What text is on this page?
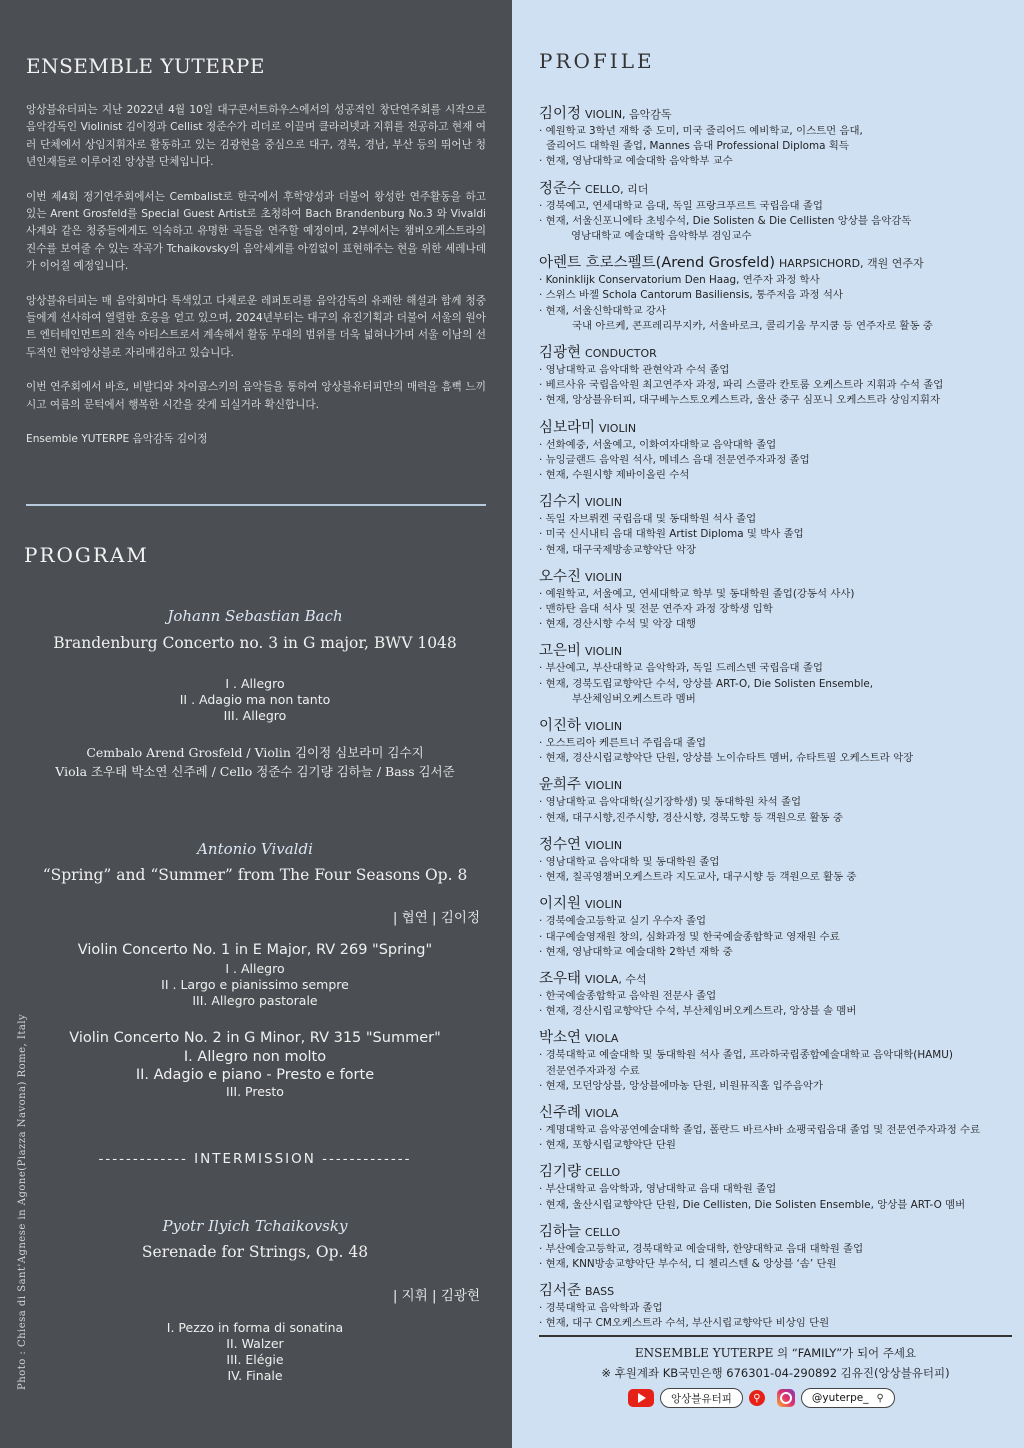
ENSEMBLE YUTERPE

앙상블유터피는 지난 2022년 4월 10일 대구콘서트하우스에서의 성공적인 창단연주회를 시작으로 음악감독인 Violinist 김이정과 Cellist 정준수가 리더로 이끌며 클라리넷과 지휘를 전공하고 현재 여러 단체에서 상임지휘자로 활동하고 있는 김광현을 중심으로 대구, 경북, 경남, 부산 등의 뛰어난 청년인재들로 이루어진 앙상블 단체입니다.

이번 제4회 정기연주회에서는 Cembalist로 한국에서 후학양성과 더불어 왕성한 연주활동을 하고 있는 Arent Grosfeld를 Special Guest Artist로 초청하여 Bach Brandenburg No.3 와 Vivaldi 사계와 같은 청중들에게도 익숙하고 유명한 곡들을 연주할 예정이며, 2부에서는 챔버오케스트라의 진수를 보여줄 수 있는 작곡가 Tchaikovsky의 음악세계를 아낌없이 표현해주는 현을 위한 세레나데가 이어질 예정입니다.

앙상블유터피는 매 음악회마다 특색있고 다채로운 레퍼토리를 음악감독의 유쾌한 해설과 함께 청중들에게 선사하여 열렬한 호응을 얻고 있으며, 2024년부터는 대구의 유진기획과 더불어 서울의 원아트 엔터테인먼트의 전속 아티스트로서 계속해서 활동 무대의 범위를 더욱 넓혀나가며 서울 이남의 선두적인 현악앙상블로 자리매김하고 있습니다.

이번 연주회에서 바흐, 비발디와 차이콥스키의 음악들을 통하여 앙상블유터피만의 매력을 흠뻑 느끼시고 여름의 문턱에서 행복한 시간을 갖게 되실거라 확신합니다.

Ensemble YUTERPE 음악감독 김이정

PROGRAM
Johann Sebastian Bach
Brandenburg Concerto no. 3 in G major, BWV 1048
I . Allegro
II . Adagio ma non tanto
III. Allegro
Cembalo Arend Grosfeld / Violin 김이정 심보라미 김수지
Viola 조우태 박소연 신주례 / Cello 정준수 김기량 김하늘 / Bass 김서준
Antonio Vivaldi
“Spring” and “Summer” from The Four Seasons Op. 8
| 협연 | 김이정
Violin Concerto No. 1 in E Major, RV 269 "Spring"
I . Allegro
II . Largo e pianissimo sempre
III. Allegro pastorale
Violin Concerto No. 2 in G Minor, RV 315 "Summer"
I. Allegro non molto
II. Adagio e piano - Presto e forte
III. Presto
------------- INTERMISSION -------------
Pyotr Ilyich Tchaikovsky
Serenade for Strings, Op. 48
| 지휘 | 김광현
I. Pezzo in forma di sonatina
II. Walzer
III. Elégie
IV. Finale
Photo : Chiesa di Sant'Agnese in Agone(Piazza Navona) Rome, Italy
PROFILE
김이정 VIOLIN, 음악감독
· 예원학교 3학년 재학 중 도미, 미국 줄리어드 예비학교, 이스트먼 음대,
줄리어드 대학원 졸업, Mannes 음대 Professional Diploma 획득
· 현재, 영남대학교 예술대학 음악학부 교수
정준수 CELLO, 리더
· 경북예고, 연세대학교 음대, 독일 프랑크푸르트 국립음대 졸업
· 현재, 서울신포니에타 초빙수석, Die Solisten & Die Cellisten 앙상블 음악감독
영남대학교 예술대학 음악학부 겸임교수
아렌트 흐로스펠트(Arend Grosfeld) HARPSICHORD, 객원 연주자
· Koninklijk Conservatorium Den Haag, 연주자 과정 학사
· 스위스 바젤 Schola Cantorum Basiliensis, 통주저음 과정 석사
· 현재, 서울신학대학교 강사
국내 아르케, 콘프레리무지카, 서울바로크, 콜리기움 무지쿰 등 연주자로 활동 중
김광현 CONDUCTOR
· 영남대학교 음악대학 관현악과 수석 졸업
· 베르사유 국립음악원 최고연주자 과정, 파리 스콜라 칸토룸 오케스트라 지휘과 수석 졸업
· 현재, 앙상블유터피, 대구베누스토오케스트라, 울산 중구 심포니 오케스트라 상임지휘자
심보라미 VIOLIN
· 선화예중, 서울예고, 이화여자대학교 음악대학 졸업
· 뉴잉글랜드 음악원 석사, 메네스 음대 전문연주자과정 졸업
· 현재, 수원시향 제바이올린 수석
김수지 VIOLIN
· 독일 자브뤼켄 국립음대 및 동대학원 석사 졸업
· 미국 신시내티 음대 대학원 Artist Diploma 및 박사 졸업
· 현재, 대구국제방송교향악단 악장
오수진 VIOLIN
· 예원학교, 서울예고, 연세대학교 학부 및 동대학원 졸업(강동석 사사)
· 맨하탄 음대 석사 및 전문 연주자 과정 장학생 입학
· 현재, 경산시향 수석 및 악장 대행
고은비 VIOLIN
· 부산예고, 부산대학교 음악학과, 독일 드레스덴 국립음대 졸업
· 현재, 경북도립교향악단 수석, 앙상블 ART-O, Die Solisten Ensemble,
부산체임버오케스트라 멤버
이진하 VIOLIN
· 오스트리아 케른트너 주립음대 졸업
· 현재, 경산시립교향악단 단원, 앙상블 노이슈타트 멤버, 슈타트필 오케스트라 악장
윤희주 VIOLIN
· 영남대학교 음악대학(실기장학생) 및 동대학원 차석 졸업
· 현재, 대구시향,진주시향, 경산시향, 경북도향 등 객원으로 활동 중
정수연 VIOLIN
· 영남대학교 음악대학 및 동대학원 졸업
· 현재, 칠곡영챔버오케스트라 지도교사, 대구시향 등 객원으로 활동 중
이지원 VIOLIN
· 경북예술고등학교 실기 우수자 졸업
· 대구예술영재원 창의, 심화과정 및 한국예술종합학교 영재원 수료
· 현재, 영남대학교 예술대학 2학년 재학 중
조우태 VIOLA, 수석
· 한국예술종합학교 음악원 전문사 졸업
· 현재, 경산시립교향악단 수석, 부산체임버오케스트라, 앙상블 솔 멤버
박소연 VIOLA
· 경북대학교 예술대학 및 동대학원 석사 졸업, 프라하국립종합예술대학교 음악대학(HAMU)
전문연주자과정 수료
· 현재, 모던앙상블, 앙상블에마농 단원, 비원뮤직홀 입주음악가
신주례 VIOLA
· 계명대학교 음악공연예술대학 졸업, 폴란드 바르샤바 쇼팽국립음대 졸업 및 전문연주자과정 수료
· 현재, 포항시립교향악단 단원
김기량 CELLO
· 부산대학교 음악학과, 영남대학교 음대 대학원 졸업
· 현재, 울산시립교향악단 단원, Die Cellisten, Die Solisten Ensemble, 앙상블 ART-O 멤버
김하늘 CELLO
· 부산예술고등학교, 경북대학교 예술대학, 한양대학교 음대 대학원 졸업
· 현재, KNN방송교향악단 부수석, 디 첼리스텐 & 앙상블 ‘솜’ 단원
김서준 BASS
· 경북대학교 음악학과 졸업
· 현재, 대구 CM오케스트라 수석, 부산시립교향악단 비상임 단원
ENSEMBLE YUTERPE 의 “FAMILY”가 되어 주세요
※ 후원계좌 KB국민은행 676301-04-290892 김유진(앙상블유터피)
앙상블유터피	⚲	@yuterpe_ ⚲
